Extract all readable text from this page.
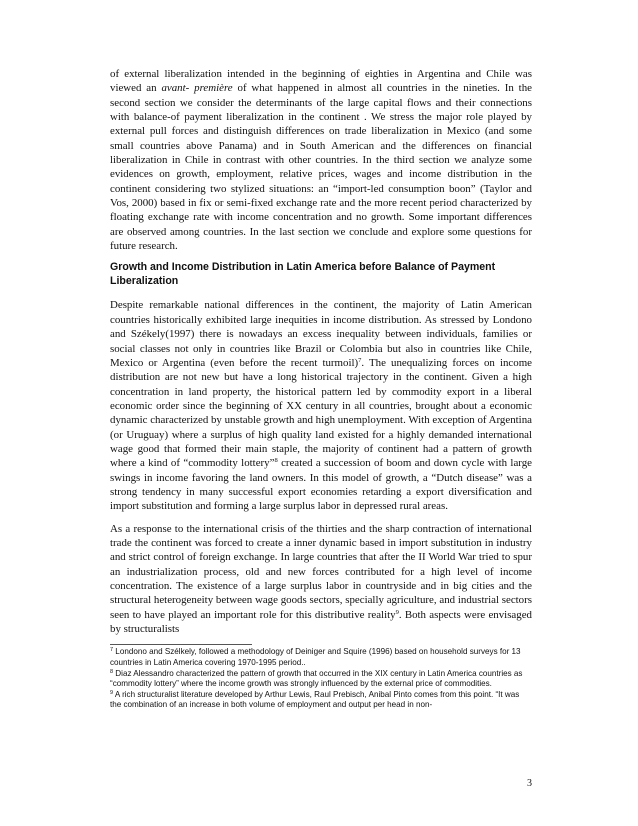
of external liberalization intended in the beginning of eighties in Argentina and Chile was viewed an avant- première of what happened in almost all countries in the nineties. In the second section we consider the determinants of the large capital flows and their connections with balance-of payment liberalization in the continent . We stress the major role played by external pull forces and distinguish differences on trade liberalization in Mexico (and some small countries above Panama) and in South American and the differences on financial liberalization in Chile in contrast with other countries. In the third section we analyze some evidences on growth, employment, relative prices, wages and income distribution in the continent considering two stylized situations: an “import-led consumption boon” (Taylor and Vos, 2000) based in fix or semi-fixed exchange rate and the more recent period characterized by floating exchange rate with income concentration and no growth. Some important differences are observed among countries. In the last section we conclude and explore some questions for future research.

Growth and Income Distribution in Latin America before Balance of Payment Liberalization

Despite remarkable national differences in the continent, the majority of Latin American countries historically exhibited large inequities in income distribution. As stressed by Londono and Székely(1997) there is nowadays an excess inequality between individuals, families or social classes not only in countries like Brazil or Colombia but also in countries like Chile, Mexico or Argentina (even before the recent turmoil)$^7$. The unequalizing forces on income distribution are not new but have a long historical trajectory in the continent. Given a high concentration in land property, the historical pattern led by commodity export in a liberal economic order since the beginning of XX century in all countries, brought about a economic dynamic characterized by unstable growth and high unemployment. With exception of Argentina (or Uruguay) where a surplus of high quality land existed for a highly demanded international wage good that formed their main staple, the majority of continent had a pattern of growth where a kind of “commodity lottery”$^8$ created a succession of boom and down cycle with large swings in income favoring the land owners. In this model of growth, a “Dutch disease” was a strong tendency in many successful export economies retarding a export diversification and import substitution and forming a large surplus labor in depressed rural areas.

As a response to the international crisis of the thirties and the sharp contraction of international trade the continent was forced to create a inner dynamic based in import substitution in industry and strict control of foreign exchange. In large countries that after the II World War tried to spur an industrialization process, old and new forces contributed for a high level of income concentration. The existence of a large surplus labor in countryside and in big cities and the structural heterogeneity between wage goods sectors, specially agriculture, and industrial sectors seen to have played an important role for this distributive reality$^9$. Both aspects were envisaged by structuralists

$^7$ Londono and Szélkely, followed a methodology of Deiniger and Squire (1996) based on household surveys for 13 countries in Latin America covering 1970-1995 period..

$^8$ Diaz Alessandro characterized the pattern of growth that occurred in the XIX century in Latin America countries as “commodity lottery” where the income growth was strongly influenced by the external price of commodities.

$^9$ A rich structuralist literature developed by Arthur Lewis, Raul Prebisch, Anibal Pinto comes from this point. “It was the combination of an increase in both volume of employment and output per head in non-

3
